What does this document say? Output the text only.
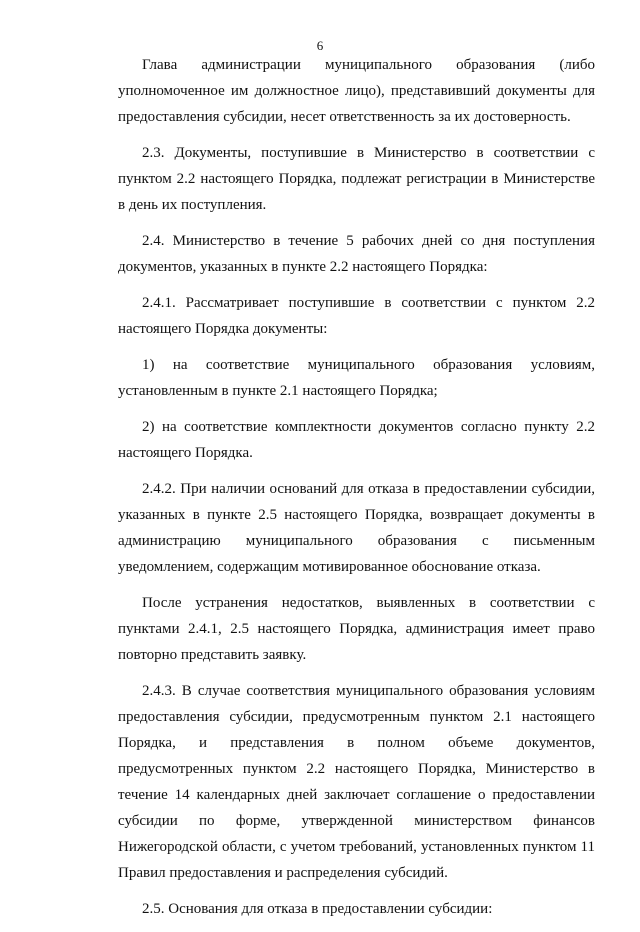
6

Глава администрации муниципального образования (либо уполномоченное им должностное лицо), представивший документы для предоставления субсидии, несет ответственность за их достоверность.

2.3. Документы, поступившие в Министерство в соответствии с пунктом 2.2 настоящего Порядка, подлежат регистрации в Министерстве в день их поступления.

2.4. Министерство в течение 5 рабочих дней со дня поступления документов, указанных в пункте 2.2 настоящего Порядка:

2.4.1. Рассматривает поступившие в соответствии с пунктом 2.2 настоящего Порядка документы:

1) на соответствие муниципального образования условиям, установленным в пункте 2.1 настоящего Порядка;

2) на соответствие комплектности документов согласно пункту 2.2 настоящего Порядка.

2.4.2. При наличии оснований для отказа в предоставлении субсидии, указанных в пункте 2.5 настоящего Порядка, возвращает документы в администрацию муниципального образования с письменным уведомлением, содержащим мотивированное обоснование отказа.

После устранения недостатков, выявленных в соответствии с пунктами 2.4.1, 2.5 настоящего Порядка, администрация имеет право повторно представить заявку.

2.4.3. В случае соответствия муниципального образования условиям предоставления субсидии, предусмотренным пунктом 2.1 настоящего Порядка, и представления в полном объеме документов, предусмотренных пунктом 2.2 настоящего Порядка, Министерство в течение 14 календарных дней заключает соглашение о предоставлении субсидии по форме, утвержденной министерством финансов Нижегородской области, с учетом требований, установленных пунктом 11 Правил предоставления и распределения субсидий.

2.5. Основания для отказа в предоставлении субсидии:
